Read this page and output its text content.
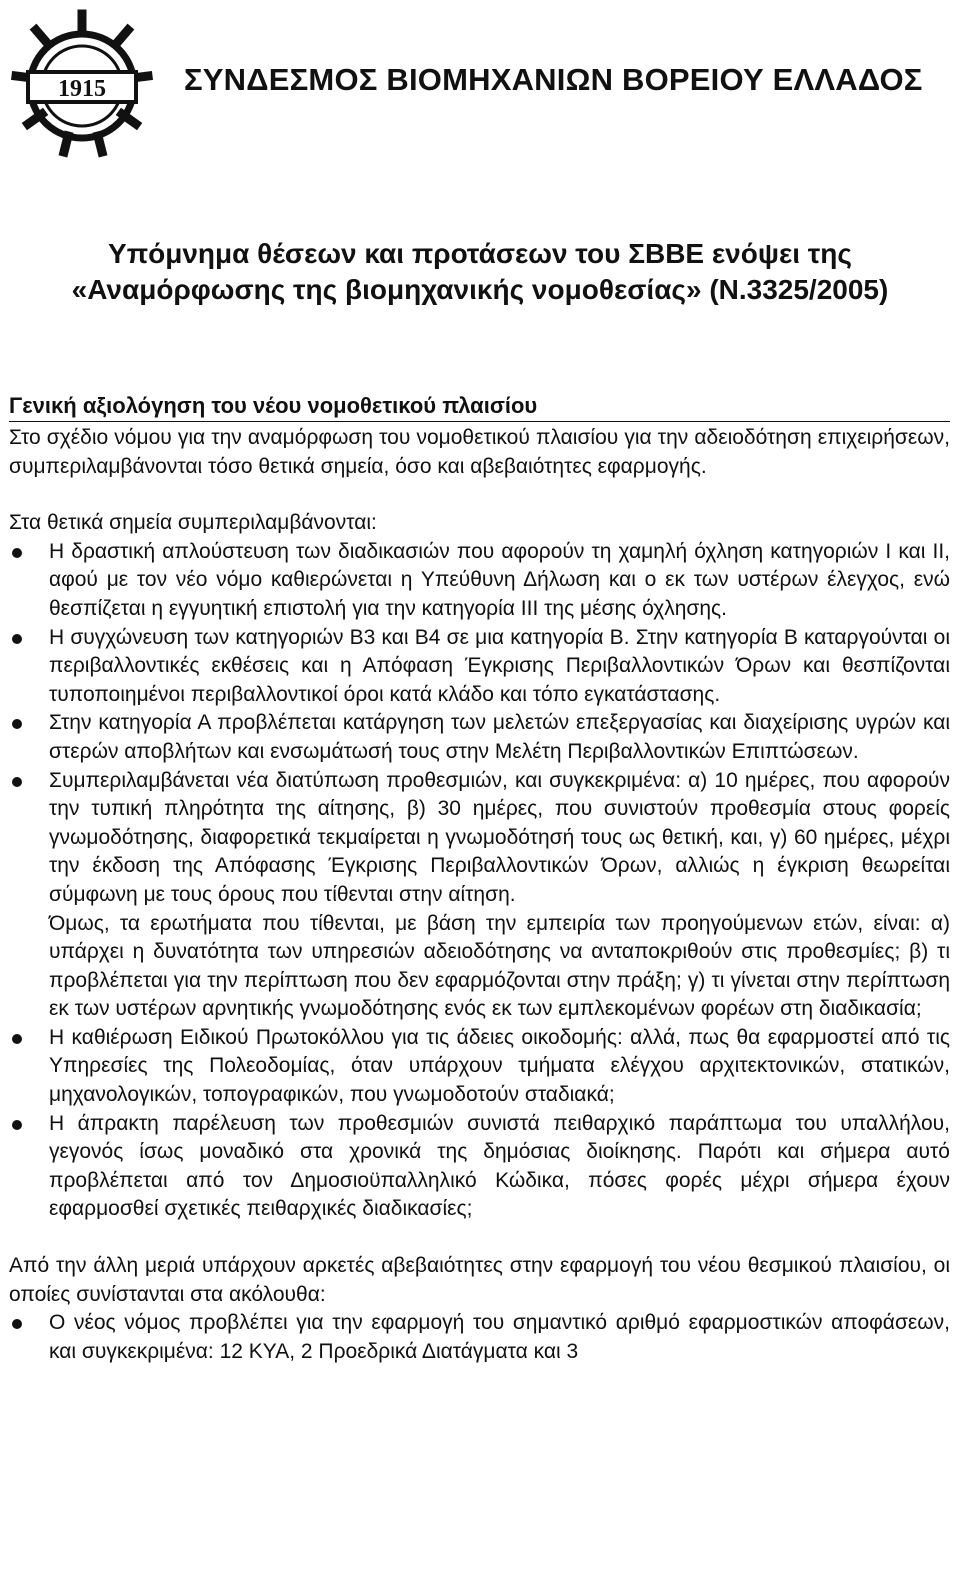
1915	ΣΥΝΔΕΣΜΟΣ ΒΙΟΜΗΧΑΝΙΩΝ ΒΟΡΕΙΟΥ ΕΛΛΑΔΟΣ
Υπόμνημα θέσεων και προτάσεων του ΣΒΒΕ ενόψει της
«Αναμόρφωσης της βιομηχανικής νομοθεσίας» (Ν.3325/2005)
Γενική αξιολόγηση του νέου νομοθετικού πλαισίου

Στο σχέδιο νόμου για την αναμόρφωση του νομοθετικού πλαισίου για την αδειοδότηση επιχειρήσεων, συμπεριλαμβάνονται τόσο θετικά σημεία, όσο και αβεβαιότητες εφαρμογής.

Στα θετικά σημεία συμπεριλαμβάνονται:

Η δραστική απλούστευση των διαδικασιών που αφορούν τη χαμηλή όχληση κατηγοριών Ι και ΙΙ, αφού με τον νέο νόμο καθιερώνεται η Υπεύθυνη Δήλωση και ο εκ των υστέρων έλεγχος, ενώ θεσπίζεται η εγγυητική επιστολή για την κατηγορία ΙΙΙ της μέσης όχλησης.
Η συγχώνευση των κατηγοριών Β3 και Β4 σε μια κατηγορία Β. Στην κατηγορία Β καταργούνται οι περιβαλλοντικές εκθέσεις και η Απόφαση Έγκρισης Περιβαλλοντικών Όρων και θεσπίζονται τυποποιημένοι περιβαλλοντικοί όροι κατά κλάδο και τόπο εγκατάστασης.
Στην κατηγορία Α προβλέπεται κατάργηση των μελετών επεξεργασίας και διαχείρισης υγρών και στερών αποβλήτων και ενσωμάτωσή τους στην Μελέτη Περιβαλλοντικών Επιπτώσεων.
Συμπεριλαμβάνεται νέα διατύπωση προθεσμιών, και συγκεκριμένα: α) 10 ημέρες, που αφορούν την τυπική πληρότητα της αίτησης, β) 30 ημέρες, που συνιστούν προθεσμία στους φορείς γνωμοδότησης, διαφορετικά τεκμαίρεται η γνωμοδότησή τους ως θετική, και, γ) 60 ημέρες, μέχρι την έκδοση της Απόφασης Έγκρισης Περιβαλλοντικών Όρων, αλλιώς η έγκριση θεωρείται σύμφωνη με τους όρους που τίθενται στην αίτηση.
Όμως, τα ερωτήματα που τίθενται, με βάση την εμπειρία των προηγούμενων ετών, είναι: α) υπάρχει η δυνατότητα των υπηρεσιών αδειοδότησης να ανταποκριθούν στις προθεσμίες; β) τι προβλέπεται για την περίπτωση που δεν εφαρμόζονται στην πράξη; γ) τι γίνεται στην περίπτωση εκ των υστέρων αρνητικής γνωμοδότησης ενός εκ των εμπλεκομένων φορέων στη διαδικασία;
Η καθιέρωση Ειδικού Πρωτοκόλλου για τις άδειες οικοδομής: αλλά, πως θα εφαρμοστεί από τις Υπηρεσίες της Πολεοδομίας, όταν υπάρχουν τμήματα ελέγχου αρχιτεκτονικών, στατικών, μηχανολογικών, τοπογραφικών, που γνωμοδοτούν σταδιακά;
Η άπρακτη παρέλευση των προθεσμιών συνιστά πειθαρχικό παράπτωμα του υπαλλήλου, γεγονός ίσως μοναδικό στα χρονικά της δημόσιας διοίκησης. Παρότι και σήμερα αυτό προβλέπεται από τον Δημοσιοϋπαλληλικό Κώδικα, πόσες φορές μέχρι σήμερα έχουν εφαρμοσθεί σχετικές πειθαρχικές διαδικασίες;

Από την άλλη μεριά υπάρχουν αρκετές αβεβαιότητες στην εφαρμογή του νέου θεσμικού πλαισίου, οι οποίες συνίστανται στα ακόλουθα:

Ο νέος νόμος προβλέπει για την εφαρμογή του σημαντικό αριθμό εφαρμοστικών αποφάσεων, και συγκεκριμένα: 12 ΚΥΑ, 2 Προεδρικά Διατάγματα και 3
